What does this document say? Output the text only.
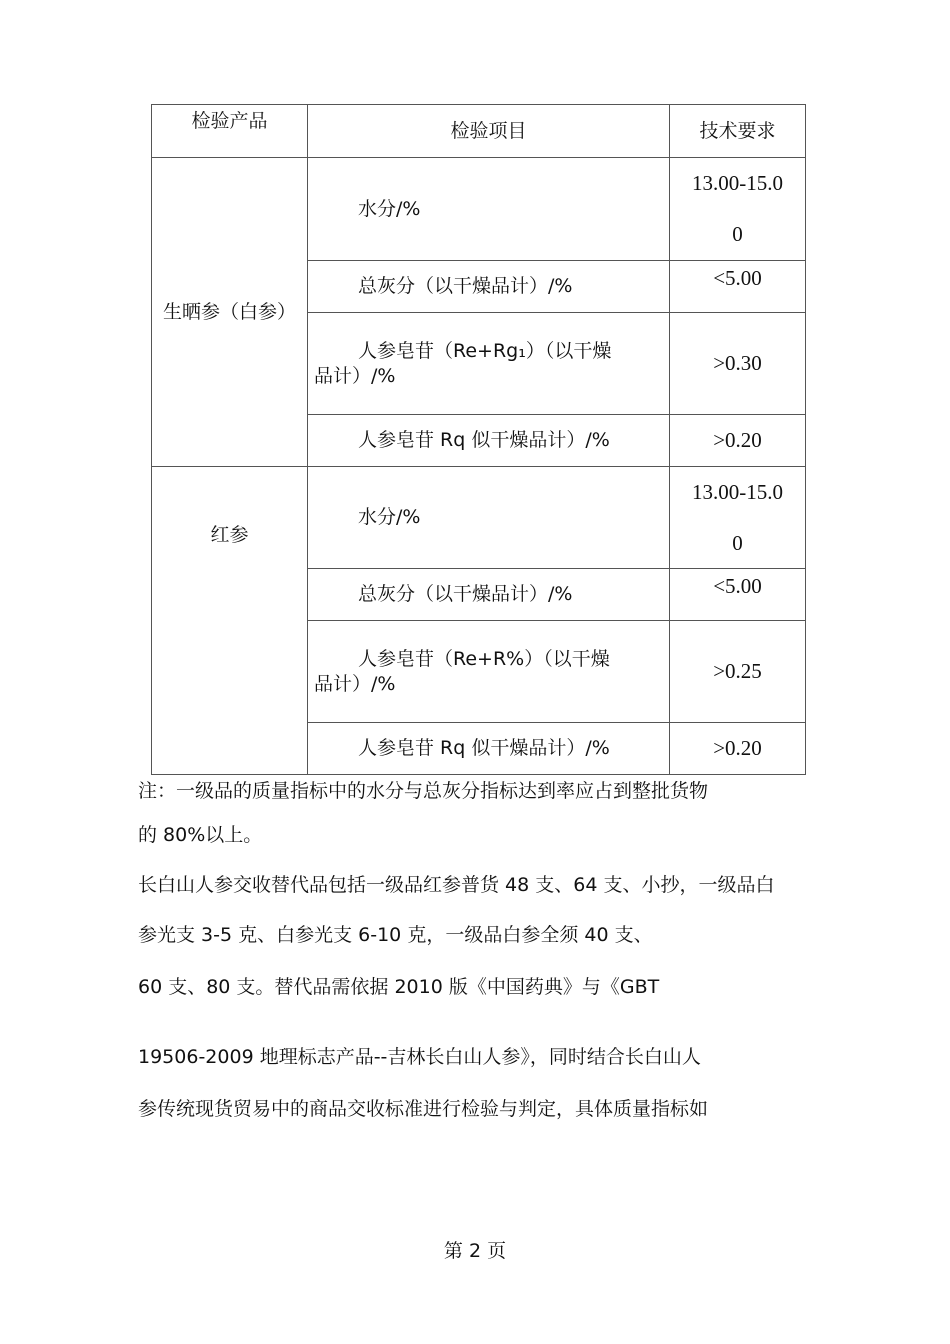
检验产品	检验项目	技术要求
生晒参（白参）	水分/%	13.00-15.0
0

	总灰分（以干燥品计）/%	<5.00

	人参皂苷（Re+Rg₁）（以干燥
品计）/%	>0.30
	人参皂苷 Rq 似干燥品计）/%	>0.20
红参	水分/%	13.00-15.0
0

	总灰分（以干燥品计）/%	<5.00

	人参皂苷（Re+R%）（以干燥
品计）/%	>0.25
	人参皂苷 Rq 似干燥品计）/%	>0.20

注：一级品的质量指标中的水分与总灰分指标达到率应占到整批货物

的 80%以上。

长白山人参交收替代品包括一级品红参普货 48 支、64 支、小抄，一级品白

参光支 3-5 克、白参光支 6-10 克，一级品白参全须 40 支、

60 支、80 支。替代品需依据 2010 版《中国药典》与《GBT

19506-2009 地理标志产品--吉林长白山人参》，同时结合长白山人

参传统现货贸易中的商品交收标准进行检验与判定，具体质量指标如

第 2 页
